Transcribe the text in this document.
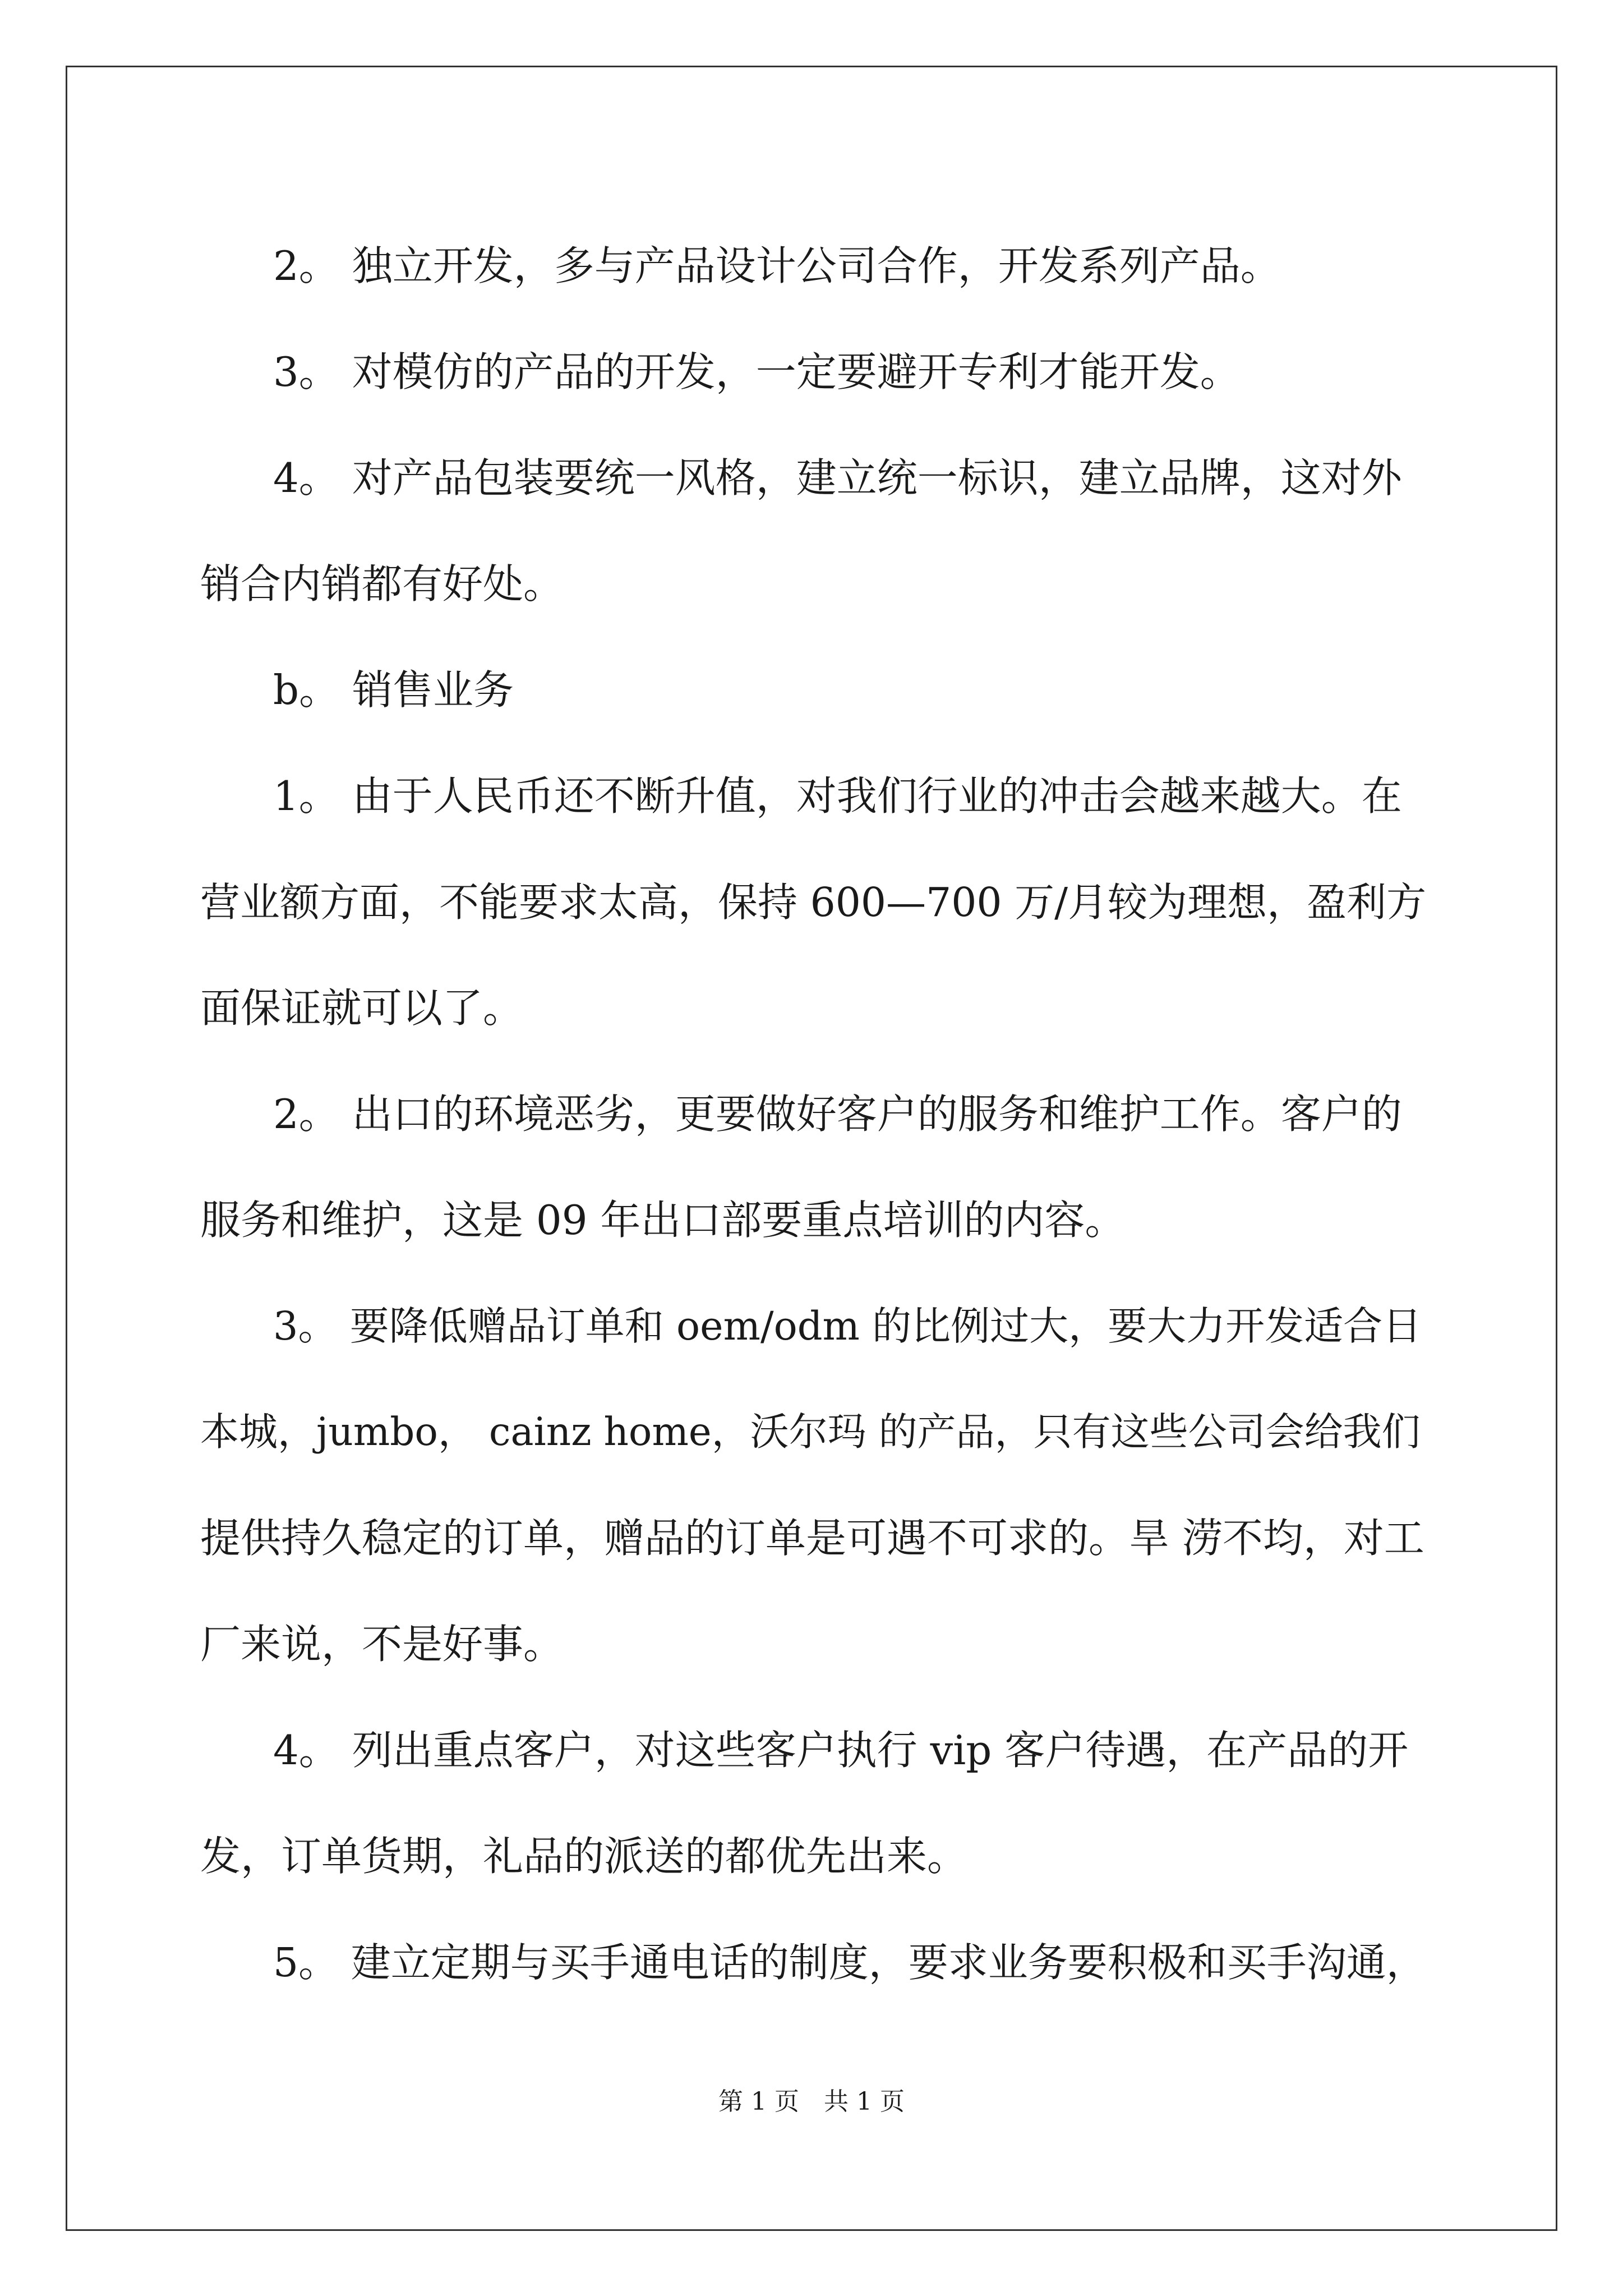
2。 独立开发，多与产品设计公司合作，开发系列产品。
3。 对模仿的产品的开发，一定要避开专利才能开发。
4。 对产品包装要统一风格，建立统一标识，建立品牌，这对外
销合内销都有好处。
b。 销售业务
1。 由于人民币还不断升值，对我们行业的冲击会越来越大。在
营业额方面，不能要求太高，保持 600—700 万/月较为理想，盈利方
面保证就可以了。
2。 出口的环境恶劣，更要做好客户的服务和维护工作。客户的
服务和维护，这是 09 年出口部要重点培训的内容。
3。 要降低赠品订单和 oem/odm 的比例过大，要大力开发适合日
本城，jumbo， cainz home，沃尔玛 的产品，只有这些公司会给我们
提供持久稳定的订单，赠品的订单是可遇不可求的。旱 涝不均，对工
厂来说，不是好事。
4。 列出重点客户，对这些客户执行 vip 客户待遇，在产品的开
发，订单货期，礼品的派送的都优先出来。
5。 建立定期与买手通电话的制度，要求业务要积极和买手沟通，
第 1 页　共 1 页
